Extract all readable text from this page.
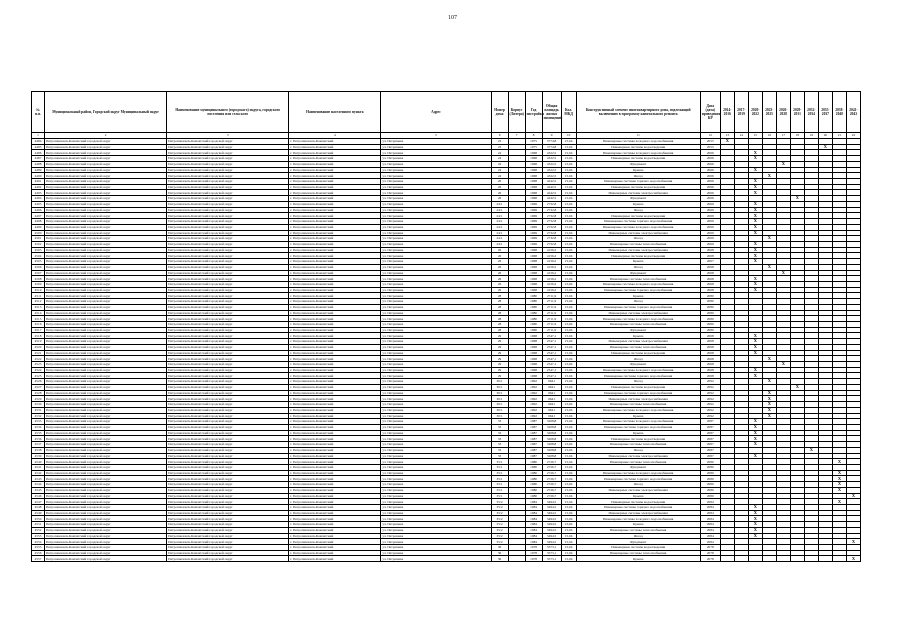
107
№ п.п.	Муниципальный район, Городской округ Муниципальный округ	Наименование муниципального (городского) округа, городского поселения или сельского	Наименование населенного пункта	Адрес	Номер дома	Корпус (Литера)	Год постройки	Общая площадь жилых помещений	Кол. МКД	Конструктивный элемент многоквартирного дома, подлежащий включению в программу капитального ремонта	Дата (дата) проведения КР	2014-2016	2017-2019	2020-2022	2023-2025	2026-2028	2029-2031	2032-2034	2035-2037	2038-2040	2041-2043
1	2	3	4	5	6	7	8	9	10	11	12	13	14	15	16	17	18	19	20	21	22
4484	Петропавловск-Камчатский городской округ	Петропавловск-Камчатский городской округ	г. Петропавловск-Камчатский	ул. Петрашева	23		1975	3774,8	15,04	Инженерные системы холодного водоснабжения	2055	X									
4485	Петропавловск-Камчатский городской округ	Петропавловск-Камчатский городской округ	г. Петропавловск-Камчатский	ул. Петрашева	23		1975	3774,8	15,04	Инженерные системы водоотведения	2055								X		
4486	Петропавловск-Камчатский городской округ	Петропавловск-Камчатский городской округ	г. Петропавловск-Камчатский	ул. Петрашева	24		1968	4322,5	15,04	Инженерные системы холодного водоснабжения	2066			X							
4487	Петропавловск-Камчатский городской округ	Петропавловск-Камчатский городской округ	г. Петропавловск-Камчатский	ул. Петрашева	24		1968	4322,5	15,04	Инженерные системы водоотведения	2066			X							
4488	Петропавловск-Камчатский городской округ	Петропавловск-Камчатский городской округ	г. Петропавловск-Камчатский	ул. Петрашева	24		1968	4322,5	15,04	Фундамент	2066					X					
4489	Петропавловск-Камчатский городской округ	Петропавловск-Камчатский городской округ	г. Петропавловск-Камчатский	ул. Петрашева	24		1968	4322,5	15,04	Крыша	2066			X							
4490	Петропавловск-Камчатский городской округ	Петропавловск-Камчатский городской округ	г. Петропавловск-Камчатский	ул. Петрашева	24		1968	4322,5	15,04	Фасад	2066				X						
4491	Петропавловск-Камчатский городской округ	Петропавловск-Камчатский городской округ	г. Петропавловск-Камчатский	ул. Петрашева	26		1968	4242,5	15,04	Инженерные системы горячего водоснабжения	2066			X							
4492	Петропавловск-Камчатский городской округ	Петропавловск-Камчатский городской округ	г. Петропавловск-Камчатский	ул. Петрашева	26		1968	4242,5	15,04	Инженерные системы водоотведения	2066			X							
4493	Петропавловск-Камчатский городской округ	Петропавловск-Камчатский городской округ	г. Петропавловск-Камчатский	ул. Петрашева	26		1968	4242,5	15,04	Инженерные системы электроснабжения	2066			X							
4494	Петропавловск-Камчатский городской округ	Петропавловск-Камчатский городской округ	г. Петропавловск-Камчатский	ул. Петрашева	26		1968	4242,5	15,04	Фундамент	2066						X				
4495	Петропавловск-Камчатский городской округ	Петропавловск-Камчатский городской округ	г. Петропавловск-Камчатский	ул. Петрашева	24/1		1969	2732,8	15,04	Крыша	2069			X							
4496	Петропавловск-Камчатский городской округ	Петропавловск-Камчатский городской округ	г. Петропавловск-Камчатский	ул. Петрашева	24/1		1969	2732,8	15,04	Фасад	2069			X							
4497	Петропавловск-Камчатский городской округ	Петропавловск-Камчатский городской округ	г. Петропавловск-Камчатский	ул. Петрашева	24/1		1969	2732,8	15,04	Инженерные системы водоотведения	2069			X							
4498	Петропавловск-Камчатский городской округ	Петропавловск-Камчатский городской округ	г. Петропавловск-Камчатский	ул. Петрашева	24/1		1969	2732,8	15,04	Инженерные системы горячего водоснабжения	2069			X							
4499	Петропавловск-Камчатский городской округ	Петропавловск-Камчатский городской округ	г. Петропавловск-Камчатский	ул. Петрашева	24/1		1969	2732,8	15,04	Инженерные системы холодного водоснабжения	2069			X							
4500	Петропавловск-Камчатский городской округ	Петропавловск-Камчатский городской округ	г. Петропавловск-Камчатский	ул. Петрашева	24/1		1969	2732,8	15,04	Инженерные системы электроснабжения	2069			X							
4501	Петропавловск-Камчатский городской округ	Петропавловск-Камчатский городской округ	г. Петропавловск-Камчатский	ул. Петрашева	24/1		1969	2732,8	15,04	Фасад	2069				X						
4502	Петропавловск-Камчатский городской округ	Петропавловск-Камчатский городской округ	г. Петропавловск-Камчатский	ул. Петрашева	24/1		1969	2732,8	15,04	Инженерные системы теплоснабжения	2069			X							
4503	Петропавловск-Камчатский городской округ	Петропавловск-Камчатский городской округ	г. Петропавловск-Камчатский	ул. Петрашева	26		1968	4156,2	15,04	Инженерные системы электроснабжения	2068			X							
4504	Петропавловск-Камчатский городской округ	Петропавловск-Камчатский городской округ	г. Петропавловск-Камчатский	ул. Петрашева	26		1968	4156,2	15,04	Инженерные системы водоотведения	2068			X							
4505	Петропавловск-Камчатский городской округ	Петропавловск-Камчатский городской округ	г. Петропавловск-Камчатский	ул. Петрашева	26		1968	4156,2	15,04	Крыша	2067			X							
4506	Петропавловск-Камчатский городской округ	Петропавловск-Камчатский городской округ	г. Петропавловск-Камчатский	ул. Петрашева	26		1968	4156,2	15,04	Фасад	2068				X						
4507	Петропавловск-Камчатский городской округ	Петропавловск-Камчатский городской округ	г. Петропавловск-Камчатский	ул. Петрашева	26		1968	4156,2	15,04	Фундамент	2068					X					
4508	Петропавловск-Камчатский городской округ	Петропавловск-Камчатский городской округ	г. Петропавловск-Камчатский	ул. Петрашева	26		1968	4156,2	15,04	Инженерные системы теплоснабжения	2068			X							
4509	Петропавловск-Камчатский городской округ	Петропавловск-Камчатский городской округ	г. Петропавловск-Камчатский	ул. Петрашева	26		1968	4156,2	15,04	Инженерные системы холодного водоснабжения	2068			X							
4510	Петропавловск-Камчатский городской округ	Петропавловск-Камчатский городской округ	г. Петропавловск-Камчатский	ул. Петрашева	26		1968	4156,2	15,04	Инженерные системы горячего водоснабжения	2068			X							
4511	Петропавловск-Камчатский городской округ	Петропавловск-Камчатский городской округ	г. Петропавловск-Камчатский	ул. Петрашева	28		1980	2711,9	15,04	Крыша	2080										
4512	Петропавловск-Камчатский городской округ	Петропавловск-Камчатский городской округ	г. Петропавловск-Камчатский	ул. Петрашева	28		1980	2711,9	15,04	Фасад	2080										
4513	Петропавловск-Камчатский городской округ	Петропавловск-Камчатский городской округ	г. Петропавловск-Камчатский	ул. Петрашева	28		1980	2711,9	15,04	Инженерные системы горячего водоснабжения	2080										
4514	Петропавловск-Камчатский городской округ	Петропавловск-Камчатский городской округ	г. Петропавловск-Камчатский	ул. Петрашева	28		1980	2711,9	15,04	Инженерные системы электроснабжения	2080										
4515	Петропавловск-Камчатский городской округ	Петропавловск-Камчатский городской округ	г. Петропавловск-Камчатский	ул. Петрашева	28		1980	2711,9	15,04	Инженерные системы холодного водоснабжения	2080										
4516	Петропавловск-Камчатский городской округ	Петропавловск-Камчатский городской округ	г. Петропавловск-Камчатский	ул. Петрашева	28		1980	2711,9	15,04	Инженерные системы теплоснабжения	2080										
4517	Петропавловск-Камчатский городской округ	Петропавловск-Камчатский городской округ	г. Петропавловск-Камчатский	ул. Петрашева	28		1980	2711,9	15,04	Фундамент	2080										
4518	Петропавловск-Камчатский городской округ	Петропавловск-Камчатский городской округ	г. Петропавловск-Камчатский	ул. Петрашева	29		1968	2547,1	15,04	Крыша	2068			X							
4519	Петропавловск-Камчатский городской округ	Петропавловск-Камчатский городской округ	г. Петропавловск-Камчатский	ул. Петрашева	29		1968	2547,1	15,04	Инженерные системы электроснабжения	2068			X							
4520	Петропавловск-Камчатский городской округ	Петропавловск-Камчатский городской округ	г. Петропавловск-Камчатский	ул. Петрашева	29		1968	2547,1	15,04	Инженерные системы теплоснабжения	2068			X							
4521	Петропавловск-Камчатский городской округ	Петропавловск-Камчатский городской округ	г. Петропавловск-Камчатский	ул. Петрашева	29		1968	2547,1	15,04	Инженерные системы водоотведения	2068			X							
4522	Петропавловск-Камчатский городской округ	Петропавловск-Камчатский городской округ	г. Петропавловск-Камчатский	ул. Петрашева	29		1968	2547,1	15,04	Фасад	2068				X						
4523	Петропавловск-Камчатский городской округ	Петропавловск-Камчатский городской округ	г. Петропавловск-Камчатский	ул. Петрашева	29		1968	2547,1	15,04	Фундамент	2068					X					
4524	Петропавловск-Камчатский городской округ	Петропавловск-Камчатский городской округ	г. Петропавловск-Камчатский	ул. Петрашева	29		1968	2547,1	15,04	Инженерные системы холодного водоснабжения	2068			X							
4525	Петропавловск-Камчатский городской округ	Петропавловск-Камчатский городской округ	г. Петропавловск-Камчатский	ул. Петрашева	29		1968	2547,1	15,04	Инженерные системы горячего водоснабжения	2068			X							
4526	Петропавловск-Камчатский городской округ	Петропавловск-Камчатский городской округ	г. Петропавловск-Камчатский	ул. Петрашева	30/1		1992	6641	15,04	Фасад	2092				X						
4527	Петропавловск-Камчатский городской округ	Петропавловск-Камчатский городской округ	г. Петропавловск-Камчатский	ул. Петрашева	30/1		1992	6641	15,04	Инженерные системы водоотведения	2092						X				
4528	Петропавловск-Камчатский городской округ	Петропавловск-Камчатский городской округ	г. Петропавловск-Камчатский	ул. Петрашева	30/1		1992	6641	15,04	Инженерные системы горячего водоснабжения	2092				X						
4529	Петропавловск-Камчатский городской округ	Петропавловск-Камчатский городской округ	г. Петропавловск-Камчатский	ул. Петрашева	30/1		1992	6641	15,04	Инженерные системы электроснабжения	2092				X						
4530	Петропавловск-Камчатский городской округ	Петропавловск-Камчатский городской округ	г. Петропавловск-Камчатский	ул. Петрашева	30/1		1992	6641	15,04	Инженерные системы теплоснабжения	2092				X						
4531	Петропавловск-Камчатский городской округ	Петропавловск-Камчатский городской округ	г. Петропавловск-Камчатский	ул. Петрашева	30/1		1992	6641	15,04	Инженерные системы холодного водоснабжения	2092				X						
4532	Петропавловск-Камчатский городской округ	Петропавловск-Камчатский городской округ	г. Петропавловск-Камчатский	ул. Петрашева	30/1		1992	6641	15,04	Крыша	2092				X						
4533	Петропавловск-Камчатский городской округ	Петропавловск-Камчатский городской округ	г. Петропавловск-Камчатский	ул. Петрашева	33		1987	3208,8	15,04	Инженерные системы холодного водоснабжения	2087			X							
4534	Петропавловск-Камчатский городской округ	Петропавловск-Камчатский городской округ	г. Петропавловск-Камчатский	ул. Петрашева	33		1987	3208,8	15,04	Инженерные системы горячего водоснабжения	2087			X							
4535	Петропавловск-Камчатский городской округ	Петропавловск-Камчатский городской округ	г. Петропавловск-Камчатский	ул. Петрашева	33		1987	3208,8	15,04	Крыша	2087			X							
4536	Петропавловск-Камчатский городской округ	Петропавловск-Камчатский городской округ	г. Петропавловск-Камчатский	ул. Петрашева	33		1987	3208,8	15,04	Инженерные системы водоотведения	2087			X							
4537	Петропавловск-Камчатский городской округ	Петропавловск-Камчатский городской округ	г. Петропавловск-Камчатский	ул. Петрашева	33		1987	3208,8	15,04	Инженерные системы теплоснабжения	2087			X							
4538	Петропавловск-Камчатский городской округ	Петропавловск-Камчатский городской округ	г. Петропавловск-Камчатский	ул. Петрашева	33		1987	3208,8	15,04	Фасад	2087							X			
4539	Петропавловск-Камчатский городской округ	Петропавловск-Камчатский городской округ	г. Петропавловск-Камчатский	ул. Петрашева	33		1987	3208,8	15,04	Инженерные системы электроснабжения	2087			X							
4540	Петропавловск-Камчатский городской округ	Петропавловск-Камчатский городской округ	г. Петропавловск-Камчатский	ул. Петрашева	35/1		1980	2726,7	15,04	Инженерные системы теплоснабжения	2080									X	
4541	Петропавловск-Камчатский городской округ	Петропавловск-Камчатский городской округ	г. Петропавловск-Камчатский	ул. Петрашева	35/1		1980	2726,7	15,04	Фундамент	2080										
4542	Петропавловск-Камчатский городской округ	Петропавловск-Камчатский городской округ	г. Петропавловск-Камчатский	ул. Петрашева	35/1		1980	2726,7	15,04	Инженерные системы холодного водоснабжения	2080									X	
4543	Петропавловск-Камчатский городской округ	Петропавловск-Камчатский городской округ	г. Петропавловск-Камчатский	ул. Петрашева	35/1		1980	2726,7	15,04	Инженерные системы горячего водоснабжения	2080									X	
4544	Петропавловск-Камчатский городской округ	Петропавловск-Камчатский городской округ	г. Петропавловск-Камчатский	ул. Петрашева	35/1		1980	2726,7	15,04	Фасад	2080									X	
4545	Петропавловск-Камчатский городской округ	Петропавловск-Камчатский городской округ	г. Петропавловск-Камчатский	ул. Петрашева	35/1		1980	2726,7	15,04	Инженерные системы электроснабжения	2080									X	
4546	Петропавловск-Камчатский городской округ	Петропавловск-Камчатский городской округ	г. Петропавловск-Камчатский	ул. Петрашева	35/1		1980	2726,7	15,04	Крыша	2080										X
4547	Петропавловск-Камчатский городской округ	Петропавловск-Камчатский городской округ	г. Петропавловск-Камчатский	ул. Петрашева	35/2		1984	3494,5	15,04	Инженерные системы водоотведения	2084									X	
4548	Петропавловск-Камчатский городской округ	Петропавловск-Камчатский городской округ	г. Петропавловск-Камчатский	ул. Петрашева	35/2		1984	3494,5	15,04	Инженерные системы горячего водоснабжения	2084			X							
4549	Петропавловск-Камчатский городской округ	Петропавловск-Камчатский городской округ	г. Петропавловск-Камчатский	ул. Петрашева	35/2		1984	3494,5	15,04	Инженерные системы электроснабжения	2084			X							
4550	Петропавловск-Камчатский городской округ	Петропавловск-Камчатский городской округ	г. Петропавловск-Камчатский	ул. Петрашева	35/2		1984	3494,5	15,04	Инженерные системы холодного водоснабжения	2084			X							
4551	Петропавловск-Камчатский городской округ	Петропавловск-Камчатский городской округ	г. Петропавловск-Камчатский	ул. Петрашева	35/2		1984	3494,5	15,04	Крыша	2084			X							
4552	Петропавловск-Камчатский городской округ	Петропавловск-Камчатский городской округ	г. Петропавловск-Камчатский	ул. Петрашева	35/2		1984	3494,5	15,04	Инженерные системы теплоснабжения	2084			X							
4553	Петропавловск-Камчатский городской округ	Петропавловск-Камчатский городской округ	г. Петропавловск-Камчатский	ул. Петрашева	35/2		1984	3494,5	15,04	Фасад	2084			X							
4554	Петропавловск-Камчатский городской округ	Петропавловск-Камчатский городской округ	г. Петропавловск-Камчатский	ул. Петрашева	35/2		1984	3494,5	15,04	Фундамент	2084										X
4555	Петропавловск-Камчатский городской округ	Петропавловск-Камчатский городской округ	г. Петропавловск-Камчатский	ул. Петрашева	36		1978	3573,1	15,04	Инженерные системы водоотведения	2078										
4556	Петропавловск-Камчатский городской округ	Петропавловск-Камчатский городской округ	г. Петропавловск-Камчатский	ул. Петрашева	36		1978	3573,1	15,04	Инженерные системы теплоснабжения	2078										
4557	Петропавловск-Камчатский городской округ	Петропавловск-Камчатский городской округ	г. Петропавловск-Камчатский	ул. Петрашева	36		1978	3573,1	15,04	Крыша	2078										X
